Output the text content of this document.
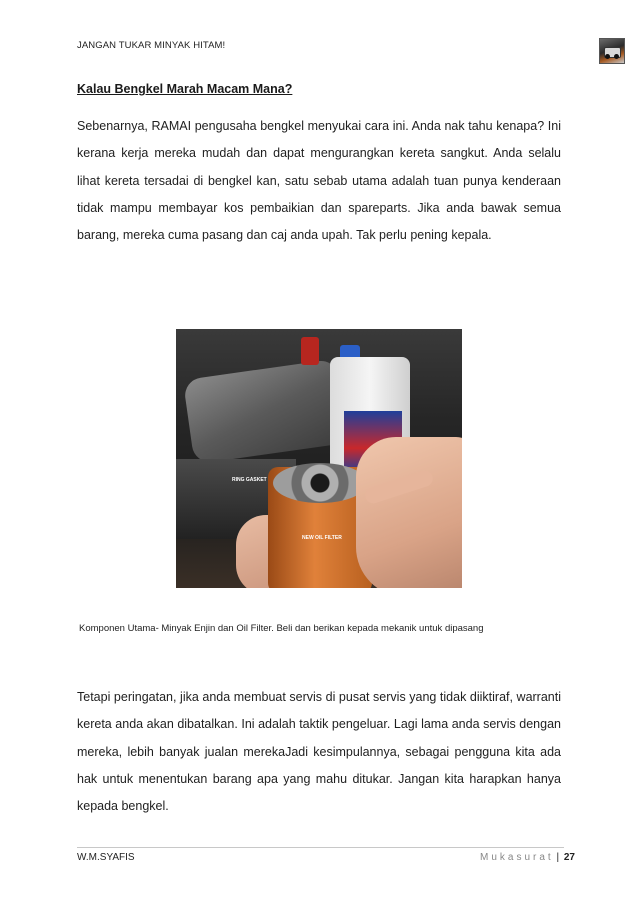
JANGAN TUKAR MINYAK HITAM!
Kalau Bengkel Marah Macam Mana?
Sebenarnya, RAMAI pengusaha bengkel menyukai cara ini. Anda nak tahu kenapa? Ini kerana kerja mereka mudah dan dapat mengurangkan kereta sangkut. Anda selalu lihat kereta tersadai di bengkel kan, satu sebab utama adalah tuan punya kenderaan tidak mampu membayar kos pembaikian dan spareparts. Jika anda bawak semua barang, mereka cuma pasang dan caj anda upah. Tak perlu pening kepala.
RING GASKET
NEW OIL FILTER
Komponen Utama- Minyak Enjin dan Oil Filter. Beli dan berikan kepada mekanik untuk dipasang
Tetapi peringatan, jika anda membuat servis di pusat servis yang tidak diiktiraf, warranti kereta anda akan dibatalkan. Ini adalah taktik pengeluar. Lagi lama anda servis dengan mereka, lebih banyak jualan merekaJadi kesimpulannya, sebagai pengguna kita ada hak untuk menentukan barang apa yang mahu ditukar. Jangan kita harapkan hanya kepada bengkel.
W.M.SYAFIS	Mukasurat | 27
